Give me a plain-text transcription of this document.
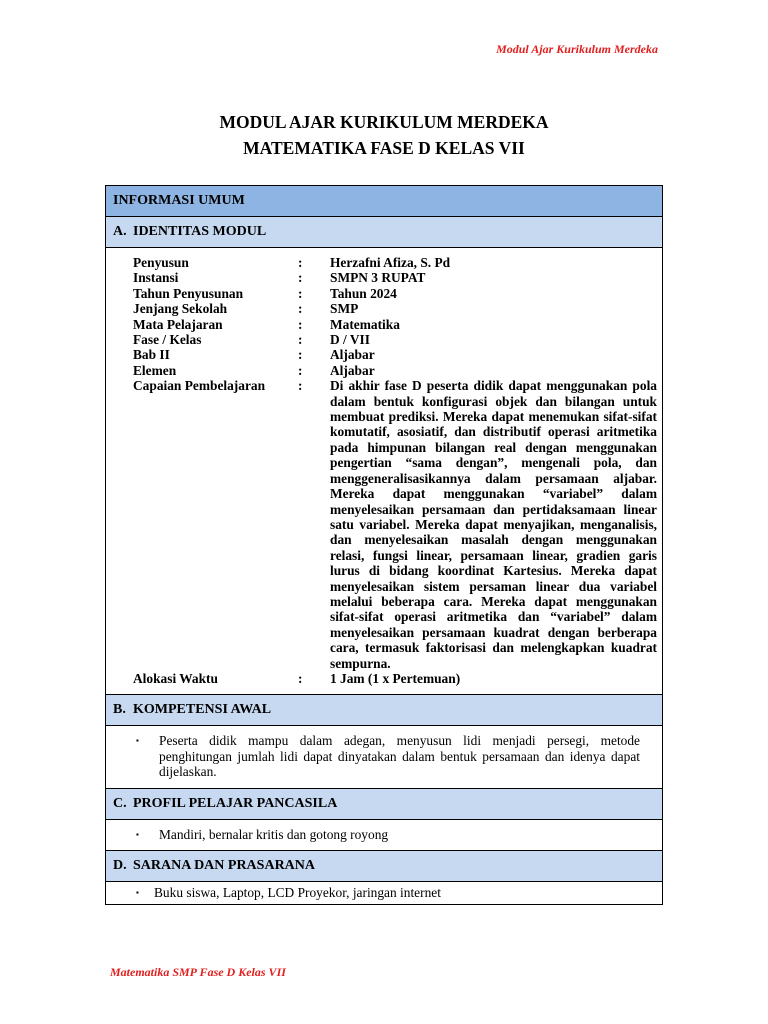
Modul Ajar Kurikulum Merdeka
MODUL AJAR KURIKULUM MERDEKA
MATEMATIKA FASE D KELAS VII
INFORMASI UMUM
A. IDENTITAS MODUL
Penyusun	:	Herzafni Afiza, S. Pd
Instansi	:	SMPN 3 RUPAT
Tahun Penyusunan	:	Tahun 2024
Jenjang Sekolah	:	SMP
Mata Pelajaran	:	Matematika
Fase / Kelas	:	D / VII
Bab II	:	Aljabar
Elemen	:	Aljabar
Capaian Pembelajaran	:	Di akhir fase D peserta didik dapat menggunakan pola dalam bentuk konfigurasi objek dan bilangan untuk membuat prediksi. Mereka dapat menemukan sifat-sifat komutatif, asosiatif, dan distributif operasi aritmetika pada himpunan bilangan real dengan menggunakan pengertian “sama dengan”, mengenali pola, dan menggeneralisasikannya dalam persamaan aljabar. Mereka dapat menggunakan “variabel” dalam menyelesaikan persamaan dan pertidaksamaan linear satu variabel. Mereka dapat menyajikan, menganalisis, dan menyelesaikan masalah dengan menggunakan relasi, fungsi linear, persamaan linear, gradien garis lurus di bidang koordinat Kartesius. Mereka dapat menyelesaikan sistem persaman linear dua variabel melalui beberapa cara. Mereka dapat menggunakan sifat-sifat operasi aritmetika dan “variabel” dalam menyelesaikan persamaan kuadrat dengan berberapa cara, termasuk faktorisasi dan melengkapkan kuadrat sempurna.
Alokasi Waktu	:	1 Jam (1 x Pertemuan)
B. KOMPETENSI AWAL
▪	Peserta didik mampu dalam adegan, menyusun lidi menjadi persegi, metode penghitungan jumlah lidi dapat dinyatakan dalam bentuk persamaan dan idenya dapat dijelaskan.
C. PROFIL PELAJAR PANCASILA
▪	Mandiri, bernalar kritis dan gotong royong
D. SARANA DAN PRASARANA
▪	Buku siswa, Laptop, LCD Proyekor, jaringan internet
Matematika SMP Fase D Kelas VII
